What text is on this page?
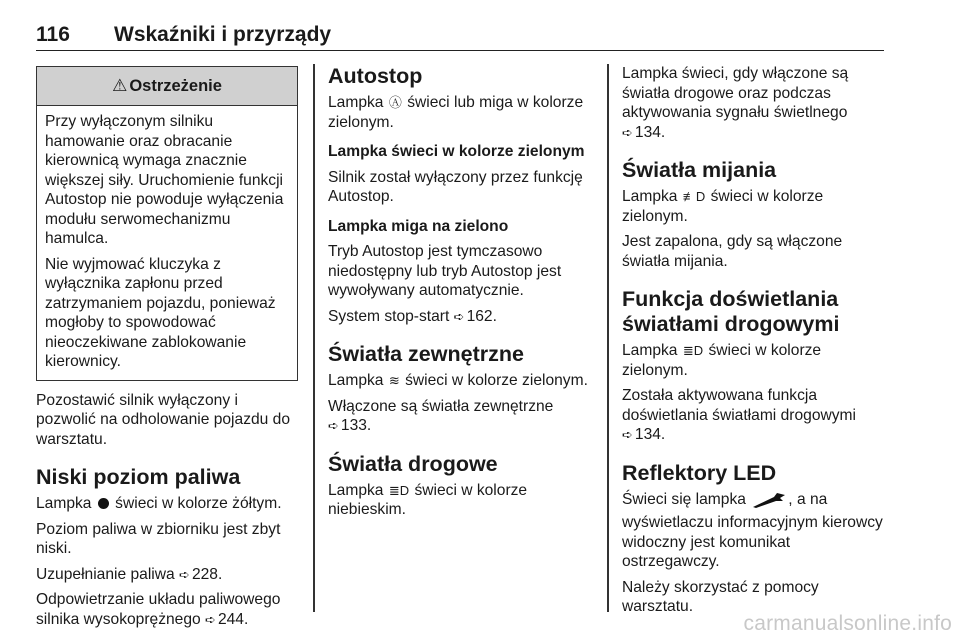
116 Wskaźniki i przyrządy
⚠ Ostrzeżenie

Przy wyłączonym silniku hamowanie oraz obracanie kierownicą wymaga znacznie większej siły. Uruchomienie funkcji Autostop nie powoduje wyłączenia modułu serwomechanizmu hamulca.

Nie wyjmować kluczyka z wyłącznika zapłonu przed zatrzymaniem pojazdu, ponieważ mogłoby to spowodować nieoczekiwane zablokowanie kierownicy.

Pozostawić silnik wyłączony i pozwolić na odholowanie pojazdu do warsztatu.

Niski poziom paliwa

Lampka świeci w kolorze żółtym.

Poziom paliwa w zbiorniku jest zbyt niski.

Uzupełnianie paliwa ➪ 228.

Odpowietrzanie układu paliwowego silnika wysokoprężnego ➪ 244.

Autostop

Lampka Ⓐ świeci lub miga w kolorze zielonym.

Lampka świeci w kolorze zielonym

Silnik został wyłączony przez funkcję Autostop.

Lampka miga na zielono

Tryb Autostop jest tymczasowo niedostępny lub tryb Autostop jest wywoływany automatycznie.

System stop-start ➪ 162.

Światła zewnętrzne

Lampka ≋ świeci w kolorze zielonym.

Włączone są światła zewnętrzne ➪ 133.

Światła drogowe

Lampka ≣D świeci w kolorze niebieskim.

Lampka świeci, gdy włączone są światła drogowe oraz podczas aktywowania sygnału świetlnego ➪ 134.

Światła mijania

Lampka ≢D świeci w kolorze zielonym.

Jest zapalona, gdy są włączone światła mijania.

Funkcja doświetlania światłami drogowymi

Lampka ≣D świeci w kolorze zielonym.

Została aktywowana funkcja doświetlania światłami drogowymi ➪ 134.

Reflektory LED

Świeci się lampka	, a na wyświetlaczu informacyjnym kierowcy widoczny jest komunikat ostrzegawczy.

Należy skorzystać z pomocy warsztatu.

carmanualsonline.info
